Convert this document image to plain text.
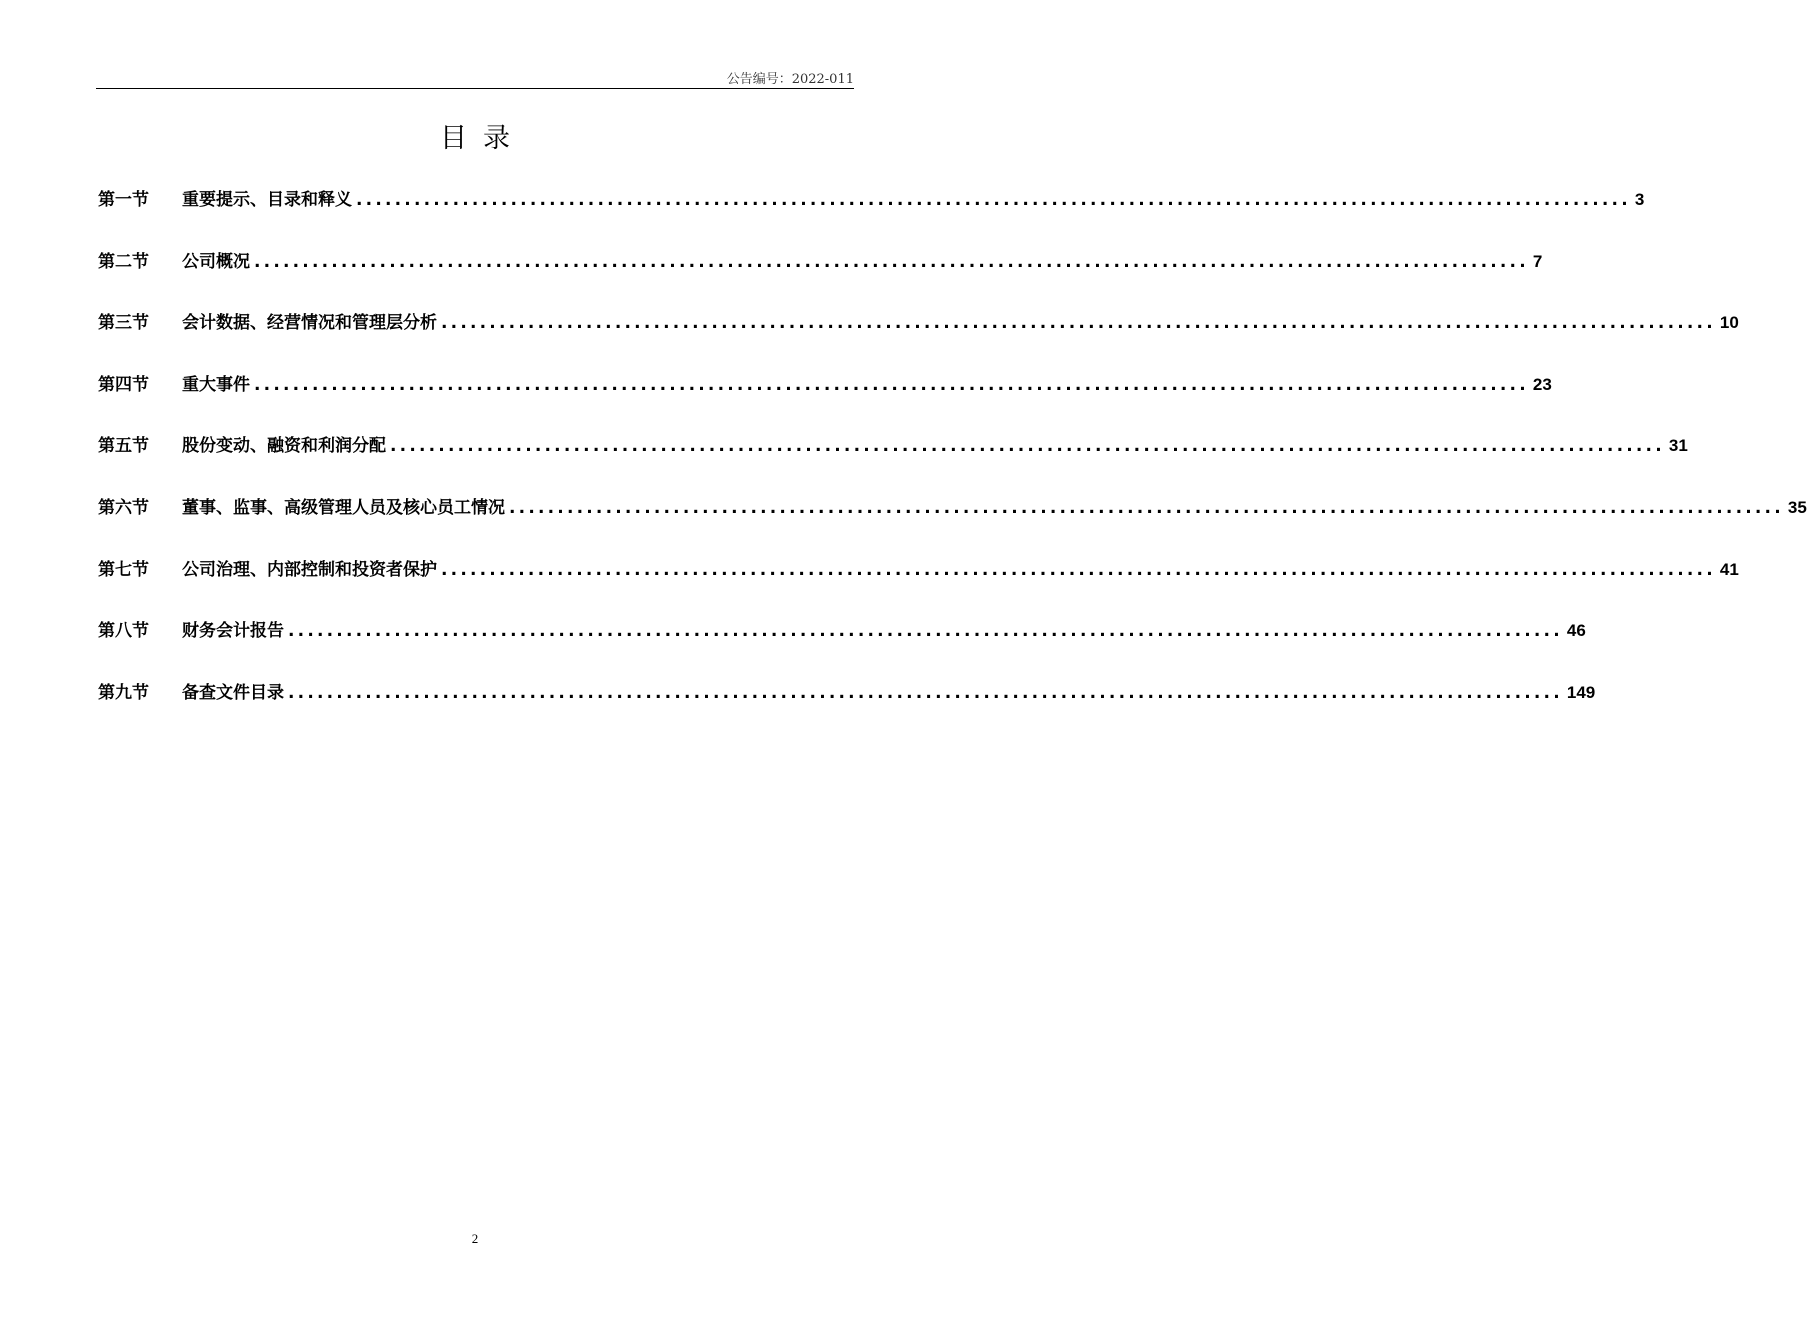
公告编号：2022-011
目录
第一节	重要提示、目录和释义 .................................................................................................................................... 3
第二节	公司概况 .................................................................................................................................... 7
第三节	会计数据、经营情况和管理层分析 .................................................................................................................................... 10
第四节	重大事件 .................................................................................................................................... 23
第五节	股份变动、融资和利润分配 .................................................................................................................................... 31
第六节	董事、监事、高级管理人员及核心员工情况 .................................................................................................................................... 35
第七节	公司治理、内部控制和投资者保护 .................................................................................................................................... 41
第八节	财务会计报告 .................................................................................................................................... 46
第九节	备查文件目录 .................................................................................................................................... 149
2
